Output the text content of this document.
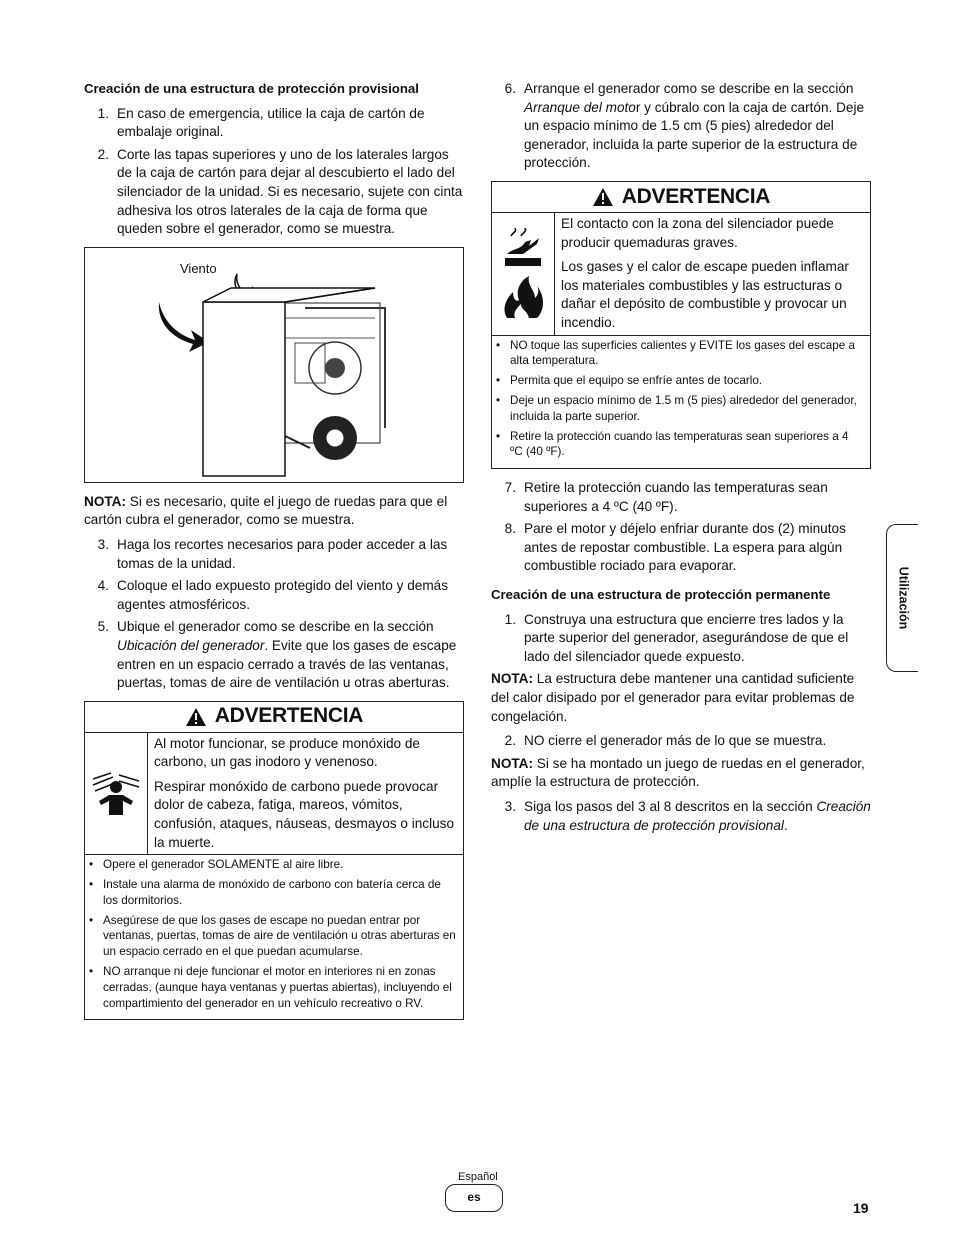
Creación de una estructura de protección provisional
1. En caso de emergencia, utilice la caja de cartón de embalaje original.
2. Corte las tapas superiores y uno de los laterales largos de la caja de cartón para dejar al descubierto el lado del silenciador de la unidad. Si es necesario, sujete con cinta adhesiva los otros laterales de la caja de forma que queden sobre el generador, como se muestra.
Viento
NOTA: Si es necesario, quite el juego de ruedas para que el cartón cubra el generador, como se muestra.
3. Haga los recortes necesarios para poder acceder a las tomas de la unidad.
4. Coloque el lado expuesto protegido del viento y demás agentes atmosféricos.
5. Ubique el generador como se describe en la sección Ubicación del generador. Evite que los gases de escape entren en un espacio cerrado a través de las ventanas, puertas, tomas de aire de ventilación u otras aberturas.
ADVERTENCIA

Al motor funcionar, se produce monóxido de carbono, un gas inodoro y venenoso.

Respirar monóxido de carbono puede provocar dolor de cabeza, fatiga, mareos, vómitos, confusión, ataques, náuseas, desmayos o incluso la muerte.

• Opere el generador SOLAMENTE al aire libre.
• Instale una alarma de monóxido de carbono con batería cerca de los dormitorios.
• Asegúrese de que los gases de escape no puedan entrar por ventanas, puertas, tomas de aire de ventilación u otras aberturas en un espacio cerrado en el que puedan acumularse.
• NO arranque ni deje funcionar el motor en interiores ni en zonas cerradas, (aunque haya ventanas y puertas abiertas), incluyendo el compartimiento del generador en un vehículo recreativo o RV.
6. Arranque el generador como se describe en la sección Arranque del motor y cúbralo con la caja de cartón. Deje un espacio mínimo de 1.5 cm (5 pies) alrededor del generador, incluida la parte superior de la estructura de protección.
ADVERTENCIA

El contacto con la zona del silenciador puede producir quemaduras graves.

Los gases y el calor de escape pueden inflamar los materiales combustibles y las estructuras o dañar el depósito de combustible y provocar un incendio.

• NO toque las superficies calientes y EVITE los gases del escape a alta temperatura.
• Permita que el equipo se enfríe antes de tocarlo.
• Deje un espacio mínimo de 1.5 m (5 pies) alrededor del generador, incluida la parte superior.
• Retire la protección cuando las temperaturas sean superiores a 4 ºC (40 ºF).
7. Retire la protección cuando las temperaturas sean superiores a 4 ºC (40 ºF).
8. Pare el motor y déjelo enfriar durante dos (2) minutos antes de repostar combustible. La espera para algún combustible rociado para evaporar.
Creación de una estructura de protección permanente
1. Construya una estructura que encierre tres lados y la parte superior del generador, asegurándose de que el lado del silenciador quede expuesto.
NOTA: La estructura debe mantener una cantidad suficiente del calor disipado por el generador para evitar problemas de congelación.
2. NO cierre el generador más de lo que se muestra.
NOTA: Si se ha montado un juego de ruedas en el generador, amplíe la estructura de protección.
3. Siga los pasos del 3 al 8 descritos en la sección Creación de una estructura de protección provisional.
Utilización
Español
es
19
